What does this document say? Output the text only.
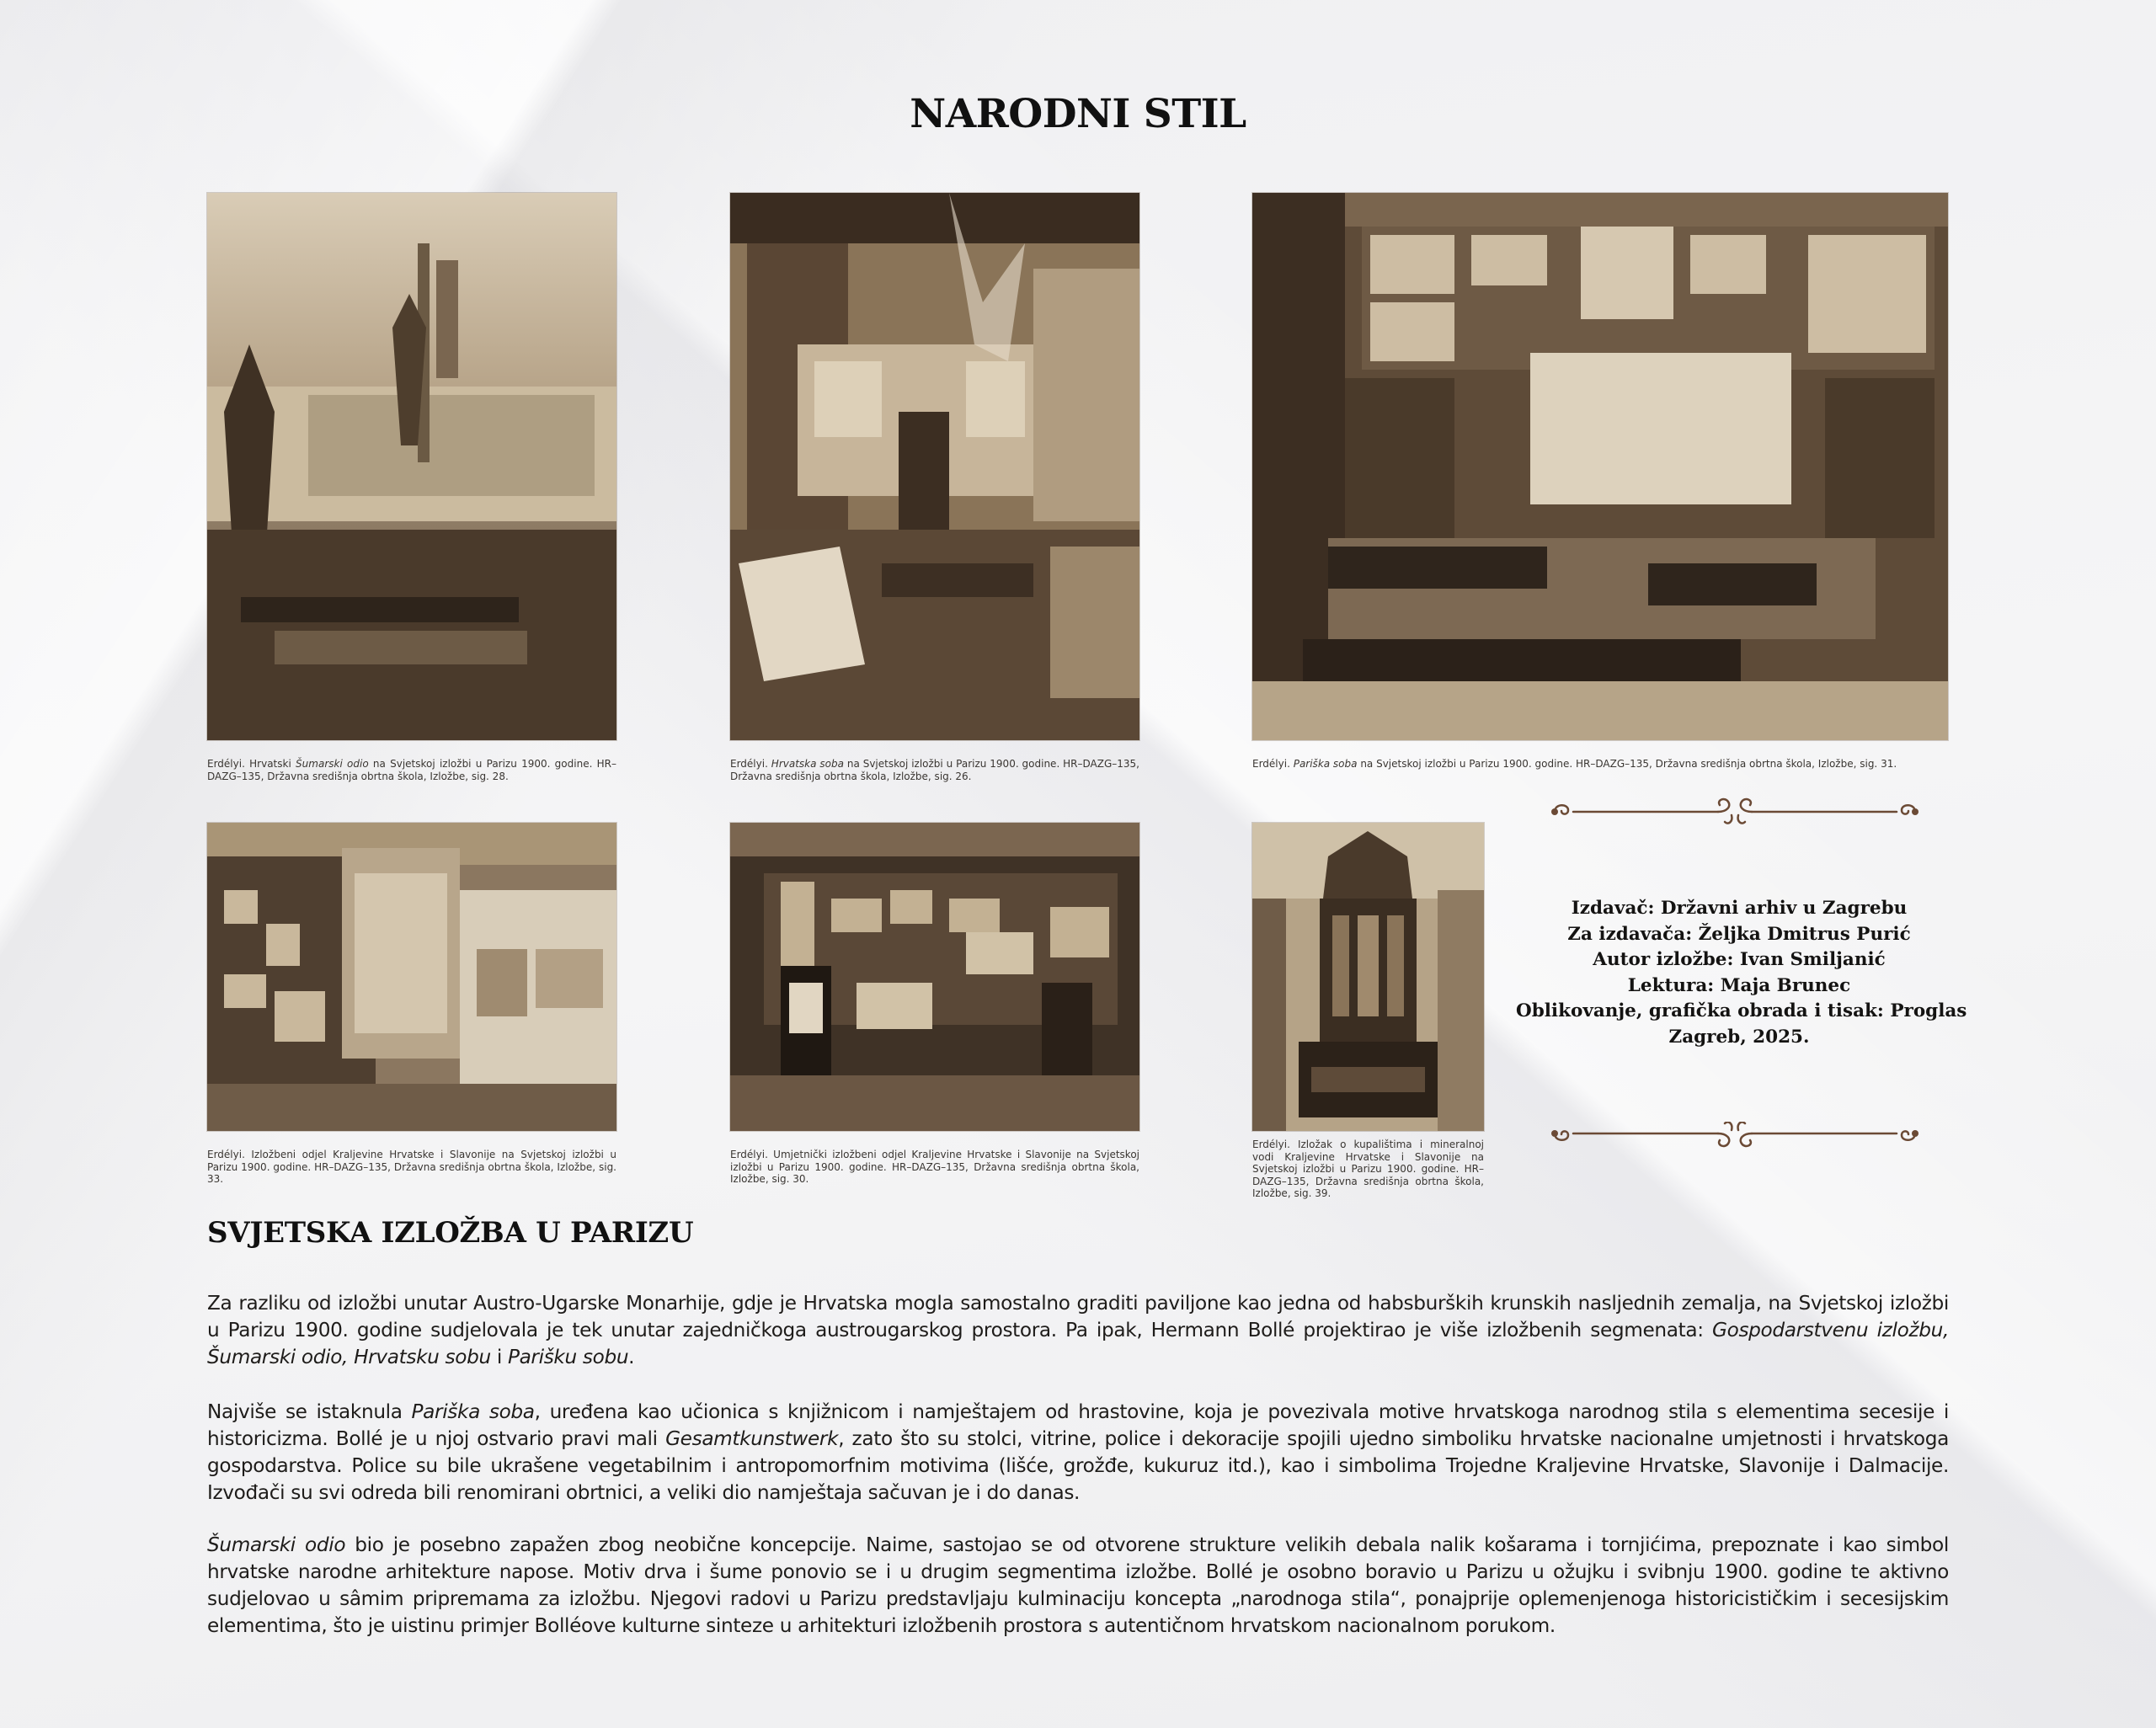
NARODNI STIL
Erdélyi. Hrvatski Šumarski odio na Svjetskoj izložbi u Parizu 1900. godine. HR–DAZG–135, Državna središnja obrtna škola, Izložbe, sig. 28.
Erdélyi. Hrvatska soba na Svjetskoj izložbi u Parizu 1900. godine. HR–DAZG–135, Državna središnja obrtna škola, Izložbe, sig. 26.
Erdélyi. Pariška soba na Svjetskoj izložbi u Parizu 1900. godine. HR–DAZG–135, Državna središnja obrtna škola, Izložbe, sig. 31.
Erdélyi. Izložbeni odjel Kraljevine Hrvatske i Slavonije na Svjetskoj izložbi u Parizu 1900. godine. HR–DAZG–135, Državna središnja obrtna škola, Izložbe, sig. 33.
Erdélyi. Umjetnički izložbeni odjel Kraljevine Hrvatske i Slavonije na Svjetskoj izložbi u Parizu 1900. godine. HR–DAZG–135, Državna središnja obrtna škola, Izložbe, sig. 30.
Erdélyi. Izložak o kupalištima i mineralnoj vodi Kraljevine Hrvatske i Slavonije na Svjetskoj izložbi u Parizu 1900. godine. HR–DAZG–135, Državna središnja obrtna škola, Izložbe, sig. 39.
Izdavač: Državni arhiv u Zagrebu
Za izdavača: Željka Dmitrus Purić
Autor izložbe: Ivan Smiljanić
Lektura: Maja Brunec
Oblikovanje, grafička obrada i tisak: Proglas
Zagreb, 2025.
SVJETSKA IZLOŽBA U PARIZU
Za razliku od izložbi unutar Austro-Ugarske Monarhije, gdje je Hrvatska mogla samostalno graditi paviljone kao jedna od habsburških krunskih nasljednih zemalja, na Svjetskoj izložbi u Parizu 1900. godine sudjelovala je tek unutar zajedničkoga austrougarskog prostora. Pa ipak, Hermann Bollé projektirao je više izložbenih segmenata: Gospodarstvenu izložbu, Šumarski odio, Hrvatsku sobu i Parišku sobu.
Najviše se istaknula Pariška soba, uređena kao učionica s knjižnicom i namještajem od hrastovine, koja je povezivala motive hrvatskoga narodnog stila s elementima secesije i historicizma. Bollé je u njoj ostvario pravi mali Gesamtkunstwerk, zato što su stolci, vitrine, police i dekoracije spojili ujedno simboliku hrvatske nacionalne umjetnosti i hrvatskoga gospodarstva. Police su bile ukrašene vegetabilnim i antropomorfnim motivima (lišće, grožđe, kukuruz itd.), kao i simbolima Trojedne Kraljevine Hrvatske, Slavonije i Dalmacije. Izvođači su svi odreda bili renomirani obrtnici, a veliki dio namještaja sačuvan je i do danas.
Šumarski odio bio je posebno zapažen zbog neobične koncepcije. Naime, sastojao se od otvorene strukture velikih debala nalik košarama i tornjićima, prepoznate i kao simbol hrvatske narodne arhitekture napose. Motiv drva i šume ponovio se i u drugim segmentima izložbe. Bollé je osobno boravio u Parizu u ožujku i svibnju 1900. godine te aktivno sudjelovao u sâmim pripremama za izložbu. Njegovi radovi u Parizu predstavljaju kulminaciju koncepta „narodnoga stila“, ponajprije oplemenjenoga historicističkim i secesijskim elementima, što je uistinu primjer Bolléove kulturne sinteze u arhitekturi izložbenih prostora s autentičnom hrvatskom nacionalnom porukom.
